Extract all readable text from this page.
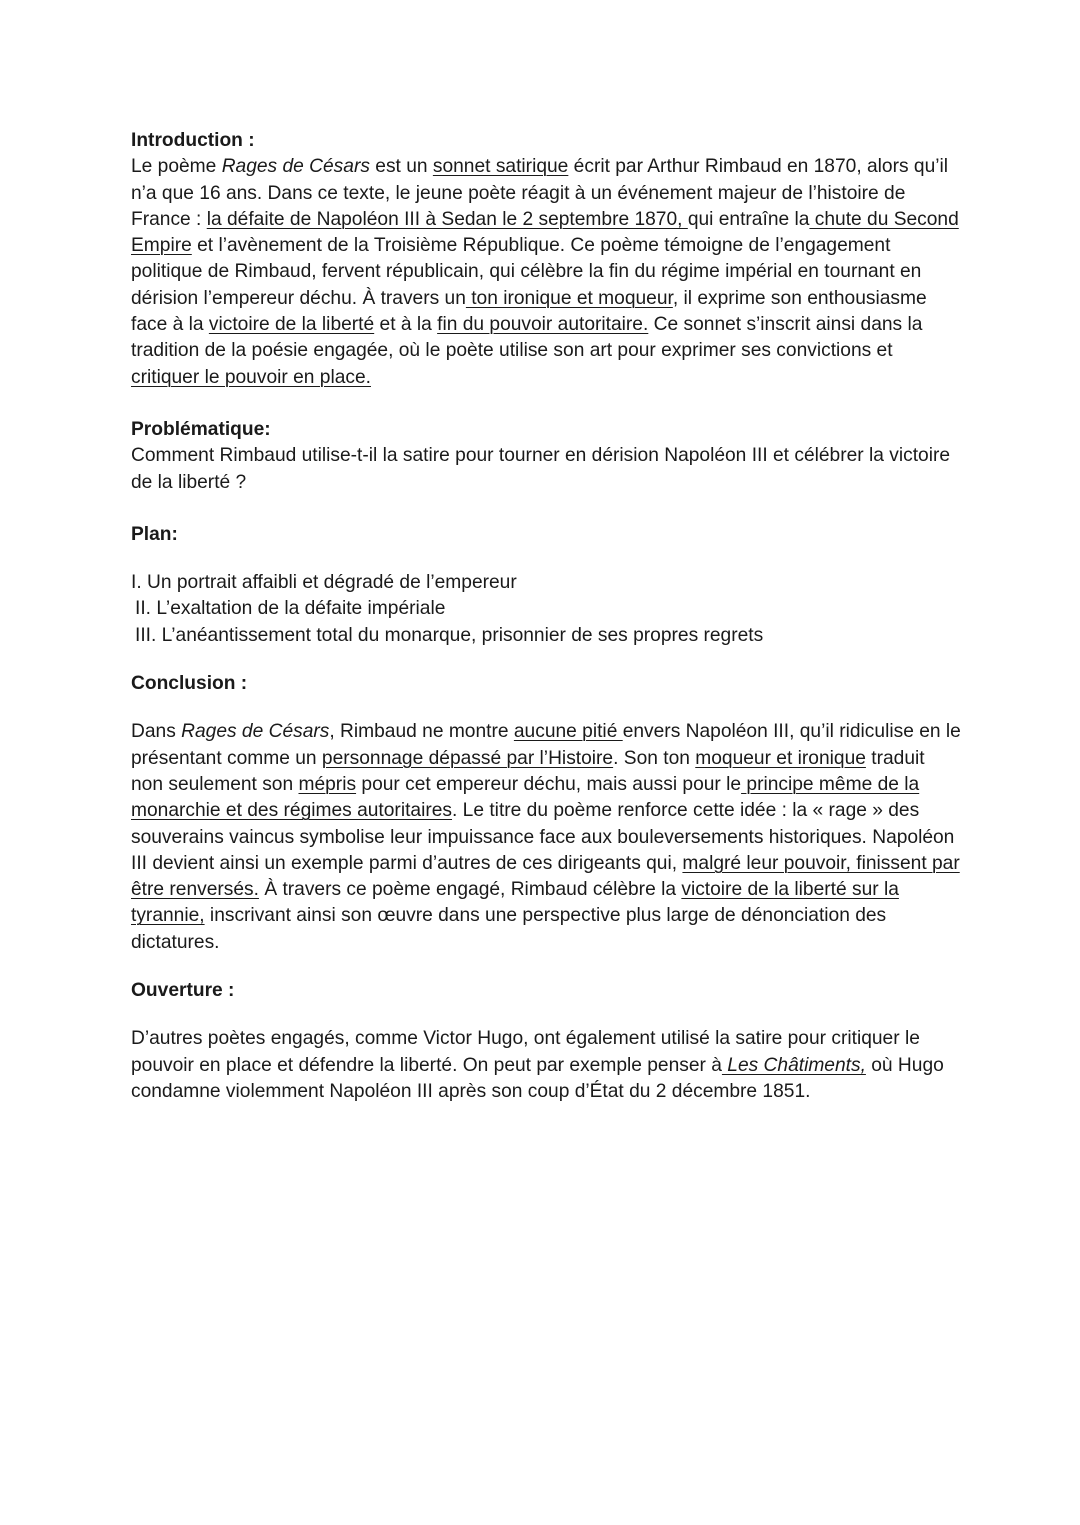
Introduction :

Le poème Rages de Césars est un sonnet satirique écrit par Arthur Rimbaud en 1870, alors qu’il n’a que 16 ans. Dans ce texte, le jeune poète réagit à un événement majeur de l’histoire de France : la défaite de Napoléon III à Sedan le 2 septembre 1870, qui entraîne la chute du Second Empire et l’avènement de la Troisième République. Ce poème témoigne de l’engagement politique de Rimbaud, fervent républicain, qui célèbre la fin du régime impérial en tournant en dérision l’empereur déchu. À travers un ton ironique et moqueur, il exprime son enthousiasme face à la victoire de la liberté et à la fin du pouvoir autoritaire. Ce sonnet s’inscrit ainsi dans la tradition de la poésie engagée, où le poète utilise son art pour exprimer ses convictions et critiquer le pouvoir en place.

Problématique:

Comment Rimbaud utilise-t-il la satire pour tourner en dérision Napoléon III et célébrer la victoire de la liberté ?

Plan:

I. Un portrait affaibli et dégradé de l’empereur

II. L’exaltation de la défaite impériale

III. L’anéantissement total du monarque, prisonnier de ses propres regrets

Conclusion :

Dans Rages de Césars, Rimbaud ne montre aucune pitié envers Napoléon III, qu’il ridiculise en le présentant comme un personnage dépassé par l’Histoire. Son ton moqueur et ironique traduit non seulement son mépris pour cet empereur déchu, mais aussi pour le principe même de la monarchie et des régimes autoritaires. Le titre du poème renforce cette idée : la « rage » des souverains vaincus symbolise leur impuissance face aux bouleversements historiques. Napoléon III devient ainsi un exemple parmi d’autres de ces dirigeants qui, malgré leur pouvoir, finissent par être renversés. À travers ce poème engagé, Rimbaud célèbre la victoire de la liberté sur la tyrannie, inscrivant ainsi son œuvre dans une perspective plus large de dénonciation des dictatures.

Ouverture :

D’autres poètes engagés, comme Victor Hugo, ont également utilisé la satire pour critiquer le pouvoir en place et défendre la liberté. On peut par exemple penser à Les Châtiments, où Hugo condamne violemment Napoléon III après son coup d’État du 2 décembre 1851.
